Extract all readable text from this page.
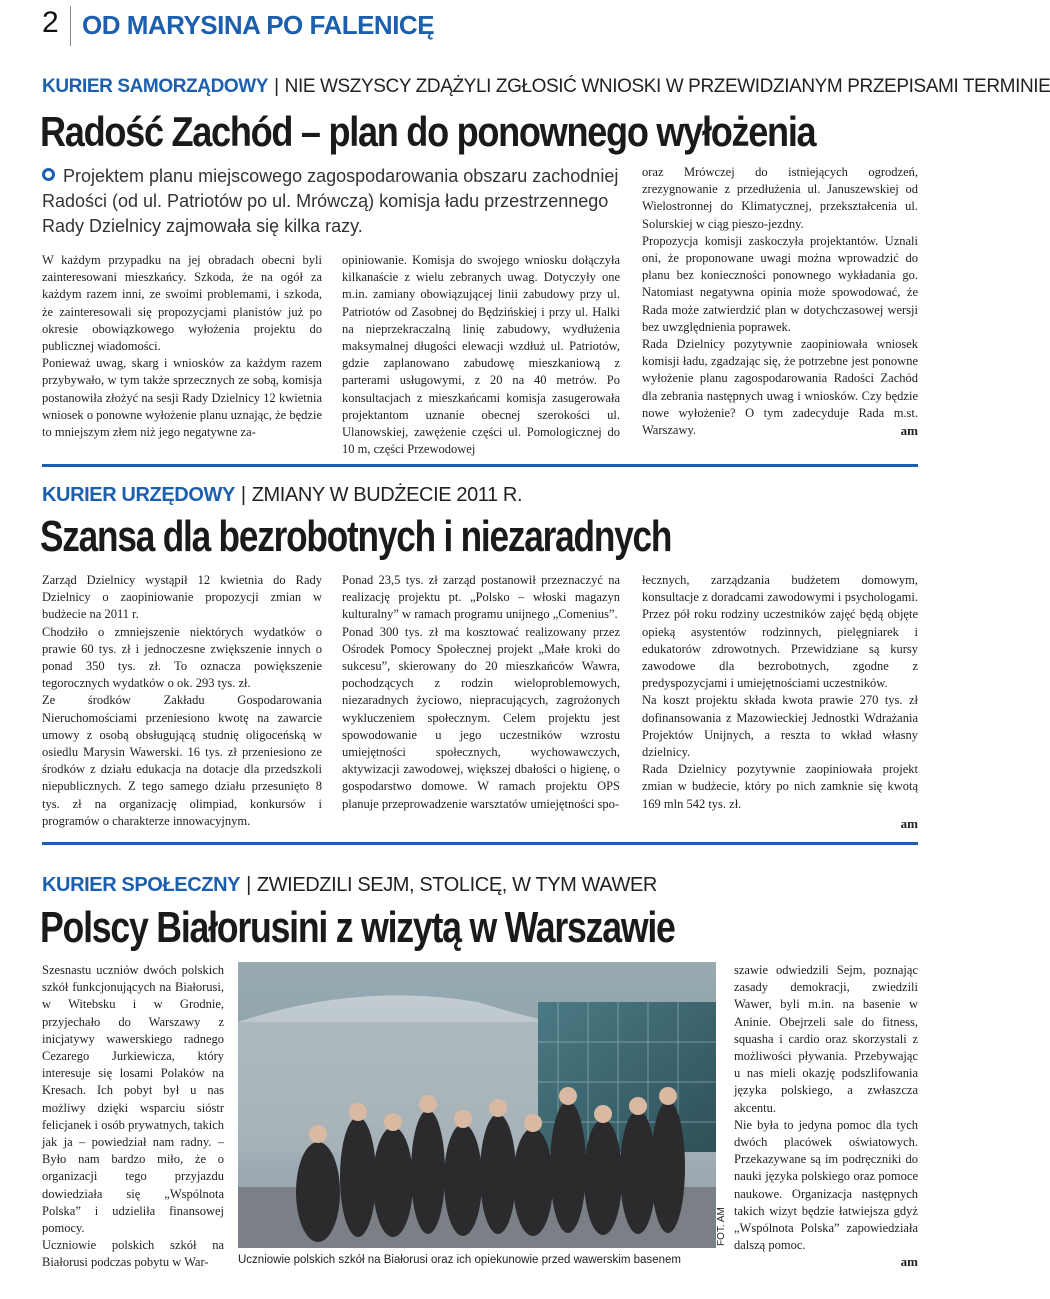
2 OD MARYSINA PO FALENICĘ
KURIER SAMORZĄDOWY | NIE WSZYSCY ZDĄŻYLI ZGŁOSIĆ WNIOSKI W PRZEWIDZIANYM PRZEPISAMI TERMINIE
Radość Zachód – plan do ponownego wyłożenia
Projektem planu miejscowego zagospodarowania obszaru zachodniej Radości (od ul. Patriotów po ul. Mrówczą) komisja ładu przestrzennego Rady Dzielnicy zajmowała się kilka razy.

W każdym przypadku na jej obradach obecni byli zainteresowani mieszkańcy. Szkoda, że na ogół za każdym razem inni, ze swoimi problemami, i szkoda, że zainteresowali się propozycjami planistów już po okresie obowiązkowego wyłożenia projektu do publicznej wiadomości.

Ponieważ uwag, skarg i wniosków za każdym razem przybywało, w tym także sprzecznych ze sobą, komisja postanowiła złożyć na sesji Rady Dzielnicy 12 kwietnia wniosek o ponowne wyłożenie planu uznając, że będzie to mniejszym złem niż jego negatywne za-

opiniowanie. Komisja do swojego wniosku dołączyła kilkanaście z wielu zebranych uwag. Dotyczyły one m.in. zamiany obowiązującej linii zabudowy przy ul. Patriotów od Zasobnej do Będzińskiej i przy ul. Halki na nieprzekraczalną linię zabudowy, wydłużenia maksymalnej długości elewacji wzdłuż ul. Patriotów, gdzie zaplanowano zabudowę mieszkaniową z parterami usługowymi, z 20 na 40 metrów. Po konsultacjach z mieszkańcami komisja zasugerowała projektantom uznanie obecnej szerokości ul. Ulanowskiej, zawężenie części ul. Pomologicznej do 10 m, części Przewodowej

oraz Mrówczej do istniejących ogrodzeń, zrezygnowanie z przedłużenia ul. Januszewskiej od Wielostronnej do Klimatycznej, przekształcenia ul. Solurskiej w ciąg pieszo-jezdny.

Propozycja komisji zaskoczyła projektantów. Uznali oni, że proponowane uwagi można wprowadzić do planu bez konieczności ponownego wykładania go. Natomiast negatywna opinia może spowodować, że Rada może zatwierdzić plan w dotychczasowej wersji bez uwzględnienia poprawek.

Rada Dzielnicy pozytywnie zaopiniowała wniosek komisji ładu, zgadzając się, że potrzebne jest ponowne wyłożenie planu zagospodarowania Radości Zachód dla zebrania następnych uwag i wniosków. Czy będzie nowe wyłożenie? O tym zadecyduje Rada m.st. Warszawy.	am
KURIER URZĘDOWY | ZMIANY W BUDŻECIE 2011 R.
Szansa dla bezrobotnych i niezaradnych

Zarząd Dzielnicy wystąpił 12 kwietnia do Rady Dzielnicy o zaopiniowanie propozycji zmian w budżecie na 2011 r.

Chodziło o zmniejszenie niektórych wydatków o prawie 60 tys. zł i jednoczesne zwiększenie innych o ponad 350 tys. zł. To oznacza powiększenie tegorocznych wydatków o ok. 293 tys. zł.

Ze środków Zakładu Gospodarowania Nieruchomościami przeniesiono kwotę na zawarcie umowy z osobą obsługującą studnię oligoceńską w osiedlu Marysin Wawerski. 16 tys. zł przeniesiono ze środków z działu edukacja na dotacje dla przedszkoli niepublicznych. Z tego samego działu przesunięto 8 tys. zł na organizację olimpiad, konkursów i programów o charakterze innowacyjnym.

Ponad 23,5 tys. zł zarząd postanowił przeznaczyć na realizację projektu pt. „Polsko – włoski magazyn kulturalny” w ramach programu unijnego „Comenius”.

Ponad 300 tys. zł ma kosztować realizowany przez Ośrodek Pomocy Społecznej projekt „Małe kroki do sukcesu”, skierowany do 20 mieszkańców Wawra, pochodzących z rodzin wieloproblemowych, niezaradnych życiowo, niepracujących, zagrożonych wykluczeniem społecznym. Celem projektu jest spowodowanie u jego uczestników wzrostu umiejętności społecznych, wychowawczych, aktywizacji zawodowej, większej dbałości o higienę, o gospodarstwo domowe. W ramach projektu OPS planuje przeprowadzenie warsztatów umiejętności spo-

łecznych, zarządzania budżetem domowym, konsultacje z doradcami zawodowymi i psychologami. Przez pół roku rodziny uczestników zajęć będą objęte opieką asystentów rodzinnych, pielęgniarek i edukatorów zdrowotnych. Przewidziane są kursy zawodowe dla bezrobotnych, zgodne z predyspozycjami i umiejętnościami uczestników.

Na koszt projektu składa kwota prawie 270 tys. zł dofinansowania z Mazowieckiej Jednostki Wdrażania Projektów Unijnych, a reszta to wkład własny dzielnicy.

Rada Dzielnicy pozytywnie zaopiniowała projekt zmian w budżecie, który po nich zamknie się kwotą 169 mln 542 tys. zł.

am
KURIER SPOŁECZNY | ZWIEDZILI SEJM, STOLICĘ, W TYM WAWER
Polscy Białorusini z wizytą w Warszawie

Szesnastu uczniów dwóch polskich szkół funkcjonujących na Białorusi, w Witebsku i w Grodnie, przyjechało do Warszawy z inicjatywy wawerskiego radnego Cezarego Jurkiewicza, który interesuje się losami Polaków na Kresach. Ich pobyt był u nas możliwy dzięki wsparciu sióstr felicjanek i osób prywatnych, takich jak ja – powiedział nam radny. – Było nam bardzo miło, że o organizacji tego przyjazdu dowiedziała się „Wspólnota Polska” i udzieliła finansowej pomocy.

Uczniowie polskich szkół na Białorusi podczas pobytu w War-	Uczniowie polskich szkół na Białorusi oraz ich opiekunowie przed wawerskim basenem
FOT. AM

szawie odwiedzili Sejm, poznając zasady demokracji, zwiedzili Wawer, byli m.in. na basenie w Aninie. Obejrzeli sale do fitness, squasha i cardio oraz skorzystali z możliwości pływania. Przebywając u nas mieli okazję podszlifowania języka polskiego, a zwłaszcza akcentu.

Nie była to jedyna pomoc dla tych dwóch placówek oświatowych. Przekazywane są im podręczniki do nauki języka polskiego oraz pomoce naukowe. Organizacja następnych takich wizyt będzie łatwiejsza gdyż „Wspólnota Polska” zapowiedziała dalszą pomoc.

am
